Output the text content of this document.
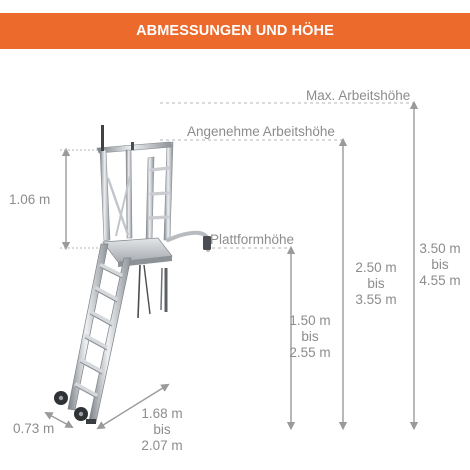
ABMESSUNGEN UND HÖHE
Max. Arbeitshöhe
Angenehme Arbeitshöhe
Plattformhöhe
1.06 m
0.73 m
1.68 m
bis
2.07 m
1.50 m
bis
2.55 m
2.50 m
bis
3.55 m
3.50 m
bis
4.55 m
